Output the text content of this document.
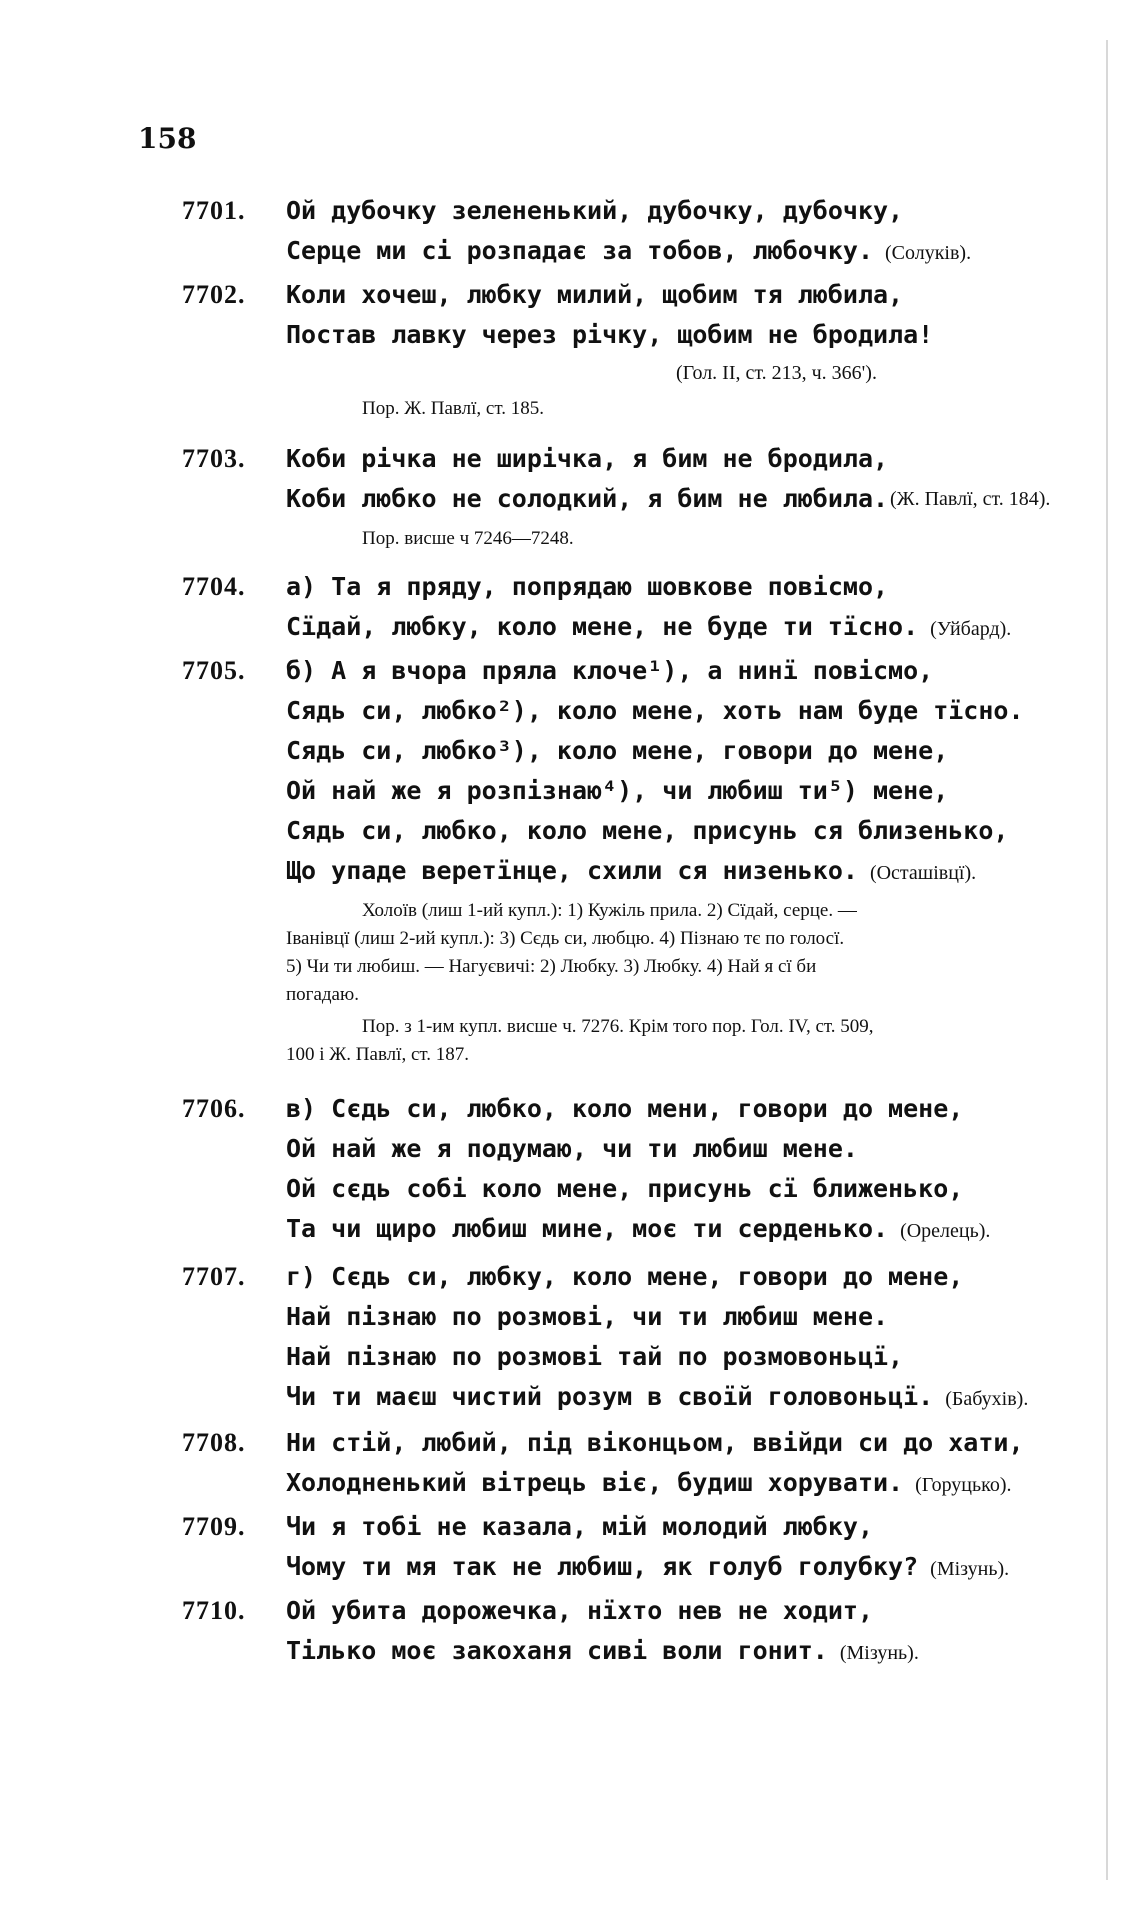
158
7701.	Ой дубочку зелененький, дубочку, дубочку,
Серце ми сі розпадає за тобов, любочку. (Солуків).
7702.	Коли хочеш, любку милий, щобим тя любила,
Постав лавку через річку, щобим не бродила!
(Гол. II, ст. 213, ч. 366').
Пор. Ж. Павлї, ст. 185.
7703.	Коби річка не ширічка, я бим не бродила,
Коби любко не солодкий, я бим не любила. (Ж. Павлї, ст. 184).
Пор. висше ч 7246—7248.
7704.	а) Та я пряду, попрядаю шовкове повісмо,
Сїдай, любку, коло мене, не буде ти тїсно. (Уйбард).
7705.	б) А я вчора пряла клоче¹), а нинї повісмо,
Сядь си, любко²), коло мене, хоть нам буде тїсно.
Сядь си, любко³), коло мене, говори до мене,
Ой най же я розпізнаю⁴), чи любиш ти⁵) мене,
Сядь си, любко, коло мене, присунь ся близенько,
Що упаде веретїнце, схили ся низенько. (Осташівцї).
Холоїв (лиш 1-ий купл.): 1) Кужіль прила. 2) Сїдай, серце. —
Іванівцї (лиш 2-ий купл.): 3) Сєдь си, любцю. 4) Пізнаю тє по голосї.
5) Чи ти любиш. — Нагуєвичі: 2) Любку. 3) Любку. 4) Най я сї би
погадаю.
Пор. з 1-им купл. висше ч. 7276. Крім того пор. Гол. IV, ст. 509,
100 і Ж. Павлї, ст. 187.
7706.	в) Сєдь си, любко, коло мени, говори до мене,
Ой най же я подумаю, чи ти любиш мене.
Ой сєдь собі коло мене, присунь сї ближенько,
Та чи щиро любиш мине, моє ти серденько. (Орелець).
7707.	г) Сєдь си, любку, коло мене, говори до мене,
Най пізнаю по розмові, чи ти любиш мене.
Най пізнаю по розмові тай по розмовоньцї,
Чи ти маєш чистий розум в своїй головоньцї. (Бабухів).
7708.	Ни стій, любий, під віконцьом, ввійди си до хати,
Холодненький вітрець віє, будиш хорувати. (Горуцько).
7709.	Чи я тобі не казала, мій молодий любку,
Чому ти мя так не любиш, як голуб голубку? (Мізунь).
7710.	Ой убита дорожечка, нїхто нев не ходит,
Тілько моє закоханя сиві воли гонит. (Мізунь).
